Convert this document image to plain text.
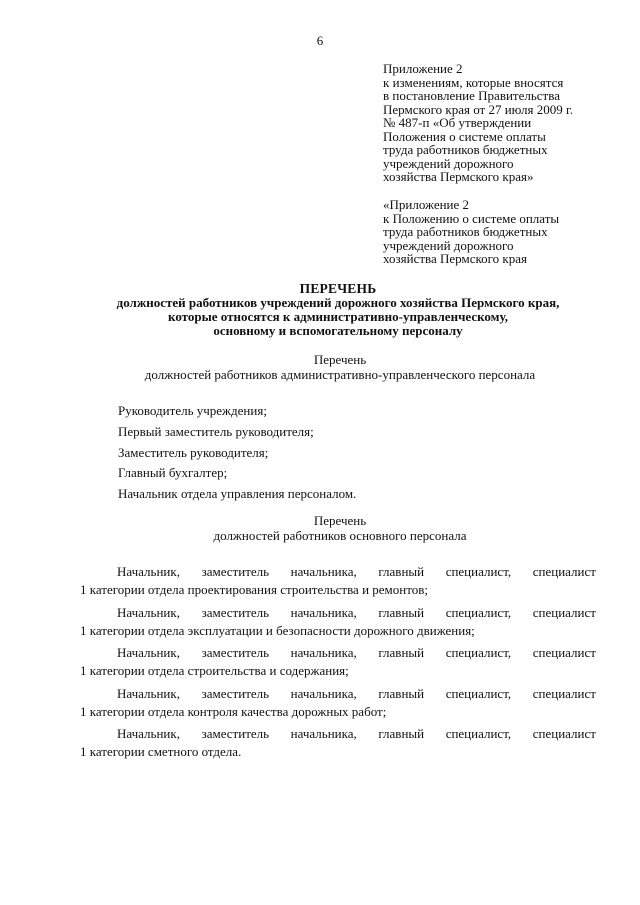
6
Приложение 2
к изменениям, которые вносятся
в постановление Правительства
Пермского края от 27 июля 2009 г.
№ 487-п «Об утверждении
Положения о системе оплаты
труда работников бюджетных
учреждений дорожного
хозяйства Пермского края»
«Приложение 2
к Положению о системе оплаты
труда работников бюджетных
учреждений дорожного
хозяйства Пермского края
ПЕРЕЧЕНЬ
должностей работников учреждений дорожного хозяйства Пермского края,
которые относятся к административно-управленческому,
основному и вспомогательному персоналу
Перечень
должностей работников административно-управленческого персонала
Руководитель учреждения;
Первый заместитель руководителя;
Заместитель руководителя;
Главный бухгалтер;
Начальник отдела управления персоналом.
Перечень
должностей работников основного персонала
Начальник, заместитель начальника, главный специалист, специалист
1 категории отдела проектирования строительства и ремонтов;
Начальник, заместитель начальника, главный специалист, специалист
1 категории отдела эксплуатации и безопасности дорожного движения;
Начальник, заместитель начальника, главный специалист, специалист
1 категории отдела строительства и содержания;
Начальник, заместитель начальника, главный специалист, специалист
1 категории отдела контроля качества дорожных работ;
Начальник, заместитель начальника, главный специалист, специалист
1 категории сметного отдела.
